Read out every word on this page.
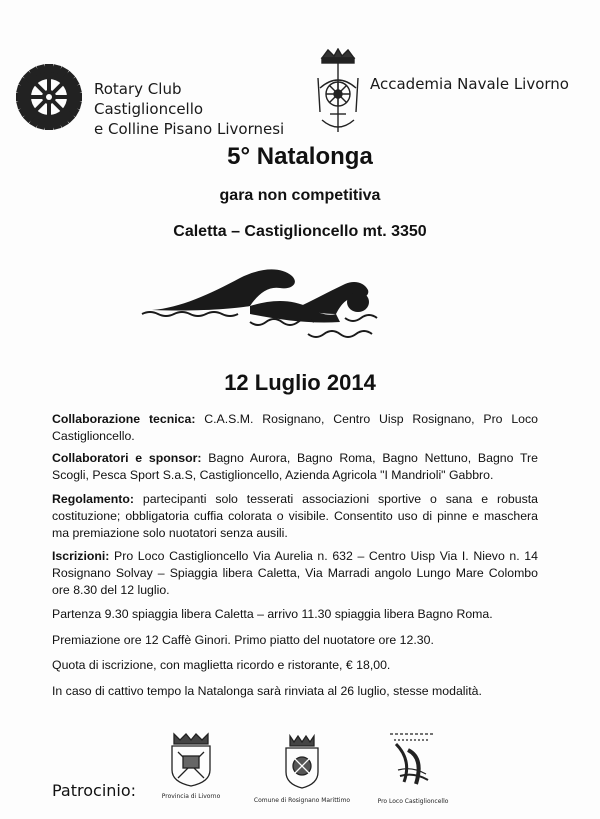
Rotary Club Castiglioncello
e Colline Pisano Livornesi
Accademia Navale Livorno
5° Natalonga
gara non competitiva
Caletta – Castiglioncello mt. 3350
12 Luglio 2014
Collaborazione tecnica: C.A.S.M. Rosignano, Centro Uisp Rosignano, Pro Loco Castiglioncello.
Collaboratori e sponsor: Bagno Aurora, Bagno Roma, Bagno Nettuno, Bagno Tre Scogli, Pesca Sport S.a.S, Castiglioncello, Azienda Agricola "I Mandrioli" Gabbro.
Regolamento: partecipanti solo tesserati associazioni sportive o sana e robusta costituzione; obbligatoria cuffia colorata o visibile. Consentito uso di pinne e maschera ma premiazione solo nuotatori senza ausili.
Iscrizioni: Pro Loco Castiglioncello Via Aurelia n. 632 – Centro Uisp Via I. Nievo n. 14 Rosignano Solvay – Spiaggia libera Caletta, Via Marradi angolo Lungo Mare Colombo ore 8.30 del 12 luglio.
Partenza 9.30 spiaggia libera Caletta – arrivo 11.30 spiaggia libera Bagno Roma.
Premiazione ore 12 Caffè Ginori. Primo piatto del nuotatore ore 12.30.
Quota di iscrizione, con maglietta ricordo e ristorante, € 18,00.
In caso di cattivo tempo la Natalonga sarà rinviata al 26 luglio, stesse modalità.
Patrocinio:	Provincia di Livorno
Comune di Rosignano Marittimo	Pro Loco Castiglioncello
